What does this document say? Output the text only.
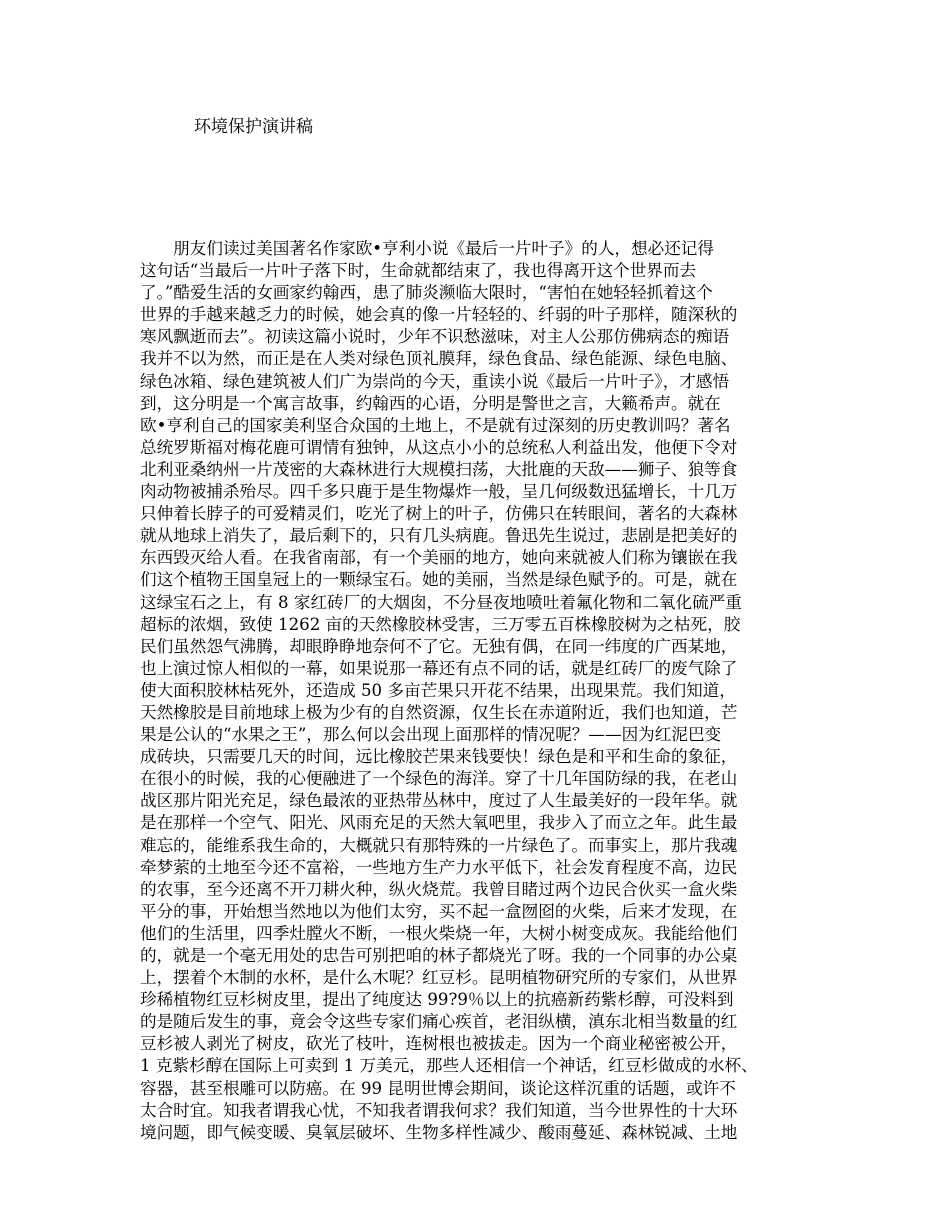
环境保护演讲稿
　　朋友们读过美国著名作家欧•亨利小说《最后一片叶子》的人，想必还记得
这句话“当最后一片叶子落下时，生命就都结束了，我也得离开这个世界而去
了。”酷爱生活的女画家约翰西，患了肺炎濒临大限时，“害怕在她轻轻抓着这个
世界的手越来越乏力的时候，她会真的像一片轻轻的、纤弱的叶子那样，随深秋的
寒风飘逝而去”。初读这篇小说时，少年不识愁滋味，对主人公那仿佛病态的痴语
我并不以为然，而正是在人类对绿色顶礼膜拜，绿色食品、绿色能源、绿色电脑、
绿色冰箱、绿色建筑被人们广为崇尚的今天，重读小说《最后一片叶子》，才感悟
到，这分明是一个寓言故事，约翰西的心语，分明是警世之言，大籁希声。就在
欧•亨利自己的国家美利坚合众国的土地上，不是就有过深刻的历史教训吗？著名
总统罗斯福对梅花鹿可谓情有独钟，从这点小小的总统私人利益出发，他便下令对
北利亚桑纳州一片茂密的大森林进行大规模扫荡，大批鹿的天敌——狮子、狼等食
肉动物被捕杀殆尽。四千多只鹿于是生物爆炸一般，呈几何级数迅猛增长，十几万
只伸着长脖子的可爱精灵们，吃光了树上的叶子，仿佛只在转眼间，著名的大森林
就从地球上消失了，最后剩下的，只有几头病鹿。鲁迅先生说过，悲剧是把美好的
东西毁灭给人看。在我省南部，有一个美丽的地方，她向来就被人们称为镶嵌在我
们这个植物王国皇冠上的一颗绿宝石。她的美丽，当然是绿色赋予的。可是，就在
这绿宝石之上，有 8 家红砖厂的大烟囱，不分昼夜地喷吐着氟化物和二氧化硫严重
超标的浓烟，致使 1262 亩的天然橡胶林受害，三万零五百株橡胶树为之枯死，胶
民们虽然怨气沸腾，却眼睁睁地奈何不了它。无独有偶，在同一纬度的广西某地，
也上演过惊人相似的一幕，如果说那一幕还有点不同的话，就是红砖厂的废气除了
使大面积胶林枯死外，还造成 50 多亩芒果只开花不结果，出现果荒。我们知道，
天然橡胶是目前地球上极为少有的自然资源，仅生长在赤道附近，我们也知道，芒
果是公认的“水果之王”，那么何以会出现上面那样的情况呢？——因为红泥巴变
成砖块，只需要几天的时间，远比橡胶芒果来钱要快！绿色是和平和生命的象征，
在很小的时候，我的心便融进了一个绿色的海洋。穿了十几年国防绿的我，在老山
战区那片阳光充足，绿色最浓的亚热带丛林中，度过了人生最美好的一段年华。就
是在那样一个空气、阳光、风雨充足的天然大氧吧里，我步入了而立之年。此生最
难忘的，能维系我生命的，大概就只有那特殊的一片绿色了。而事实上，那片我魂
牵梦萦的土地至今还不富裕，一些地方生产力水平低下，社会发育程度不高，边民
的农事，至今还离不开刀耕火种，纵火烧荒。我曾目睹过两个边民合伙买一盒火柴
平分的事，开始想当然地以为他们太穷，买不起一盒囫囵的火柴，后来才发现，在
他们的生活里，四季灶膛火不断，一根火柴烧一年，大树小树变成灰。我能给他们
的，就是一个毫无用处的忠告可别把咱的林子都烧光了呀。我的一个同事的办公桌
上，摆着个木制的水杯，是什么木呢？红豆杉。昆明植物研究所的专家们，从世界
珍稀植物红豆杉树皮里，提出了纯度达 99?9％以上的抗癌新药紫杉醇，可没料到
的是随后发生的事，竟会令这些专家们痛心疾首，老泪纵横，滇东北相当数量的红
豆杉被人剥光了树皮，砍光了枝叶，连树根也被拔走。因为一个商业秘密被公开，
1 克紫杉醇在国际上可卖到 1 万美元，那些人还相信一个神话，红豆杉做成的水杯、
容器，甚至根雕可以防癌。在 99 昆明世博会期间，谈论这样沉重的话题，或许不
太合时宜。知我者谓我心忧，不知我者谓我何求？我们知道，当今世界性的十大环
境问题，即气候变暖、臭氧层破坏、生物多样性减少、酸雨蔓延、森林锐减、土地
